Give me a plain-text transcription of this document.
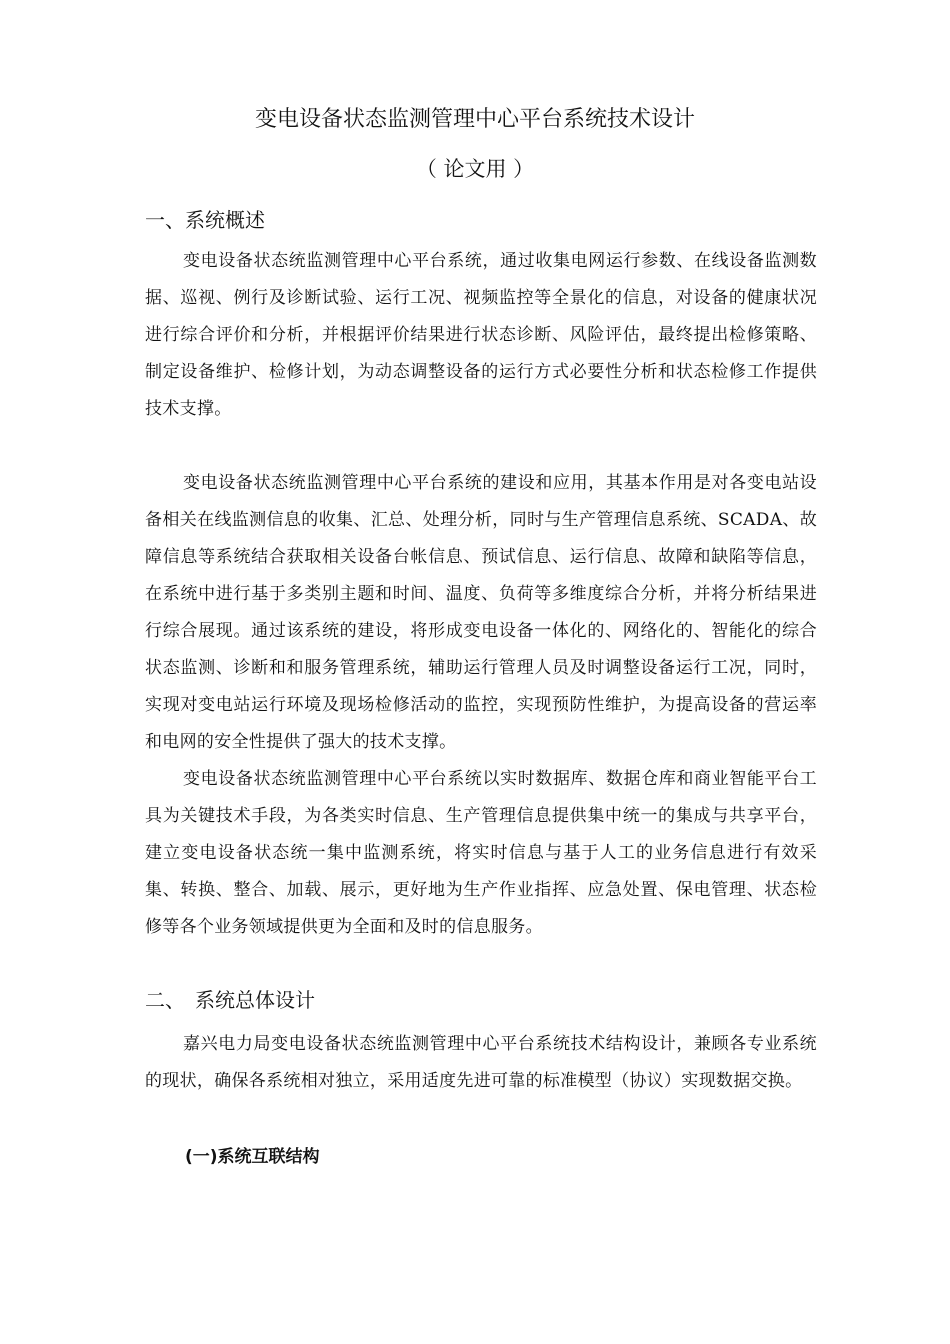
变电设备状态监测管理中心平台系统技术设计
（ 论文用 ）
一、系统概述
变电设备状态统监测管理中心平台系统，通过收集电网运行参数、在线设备监测数据、巡视、例行及诊断试验、运行工况、视频监控等全景化的信息，对设备的健康状况进行综合评价和分析，并根据评价结果进行状态诊断、风险评估，最终提出检修策略、制定设备维护、检修计划，为动态调整设备的运行方式必要性分析和状态检修工作提供技术支撑。
变电设备状态统监测管理中心平台系统的建设和应用，其基本作用是对各变电站设备相关在线监测信息的收集、汇总、处理分析，同时与生产管理信息系统、SCADA、故障信息等系统结合获取相关设备台帐信息、预试信息、运行信息、故障和缺陷等信息，在系统中进行基于多类别主题和时间、温度、负荷等多维度综合分析，并将分析结果进行综合展现。通过该系统的建设，将形成变电设备一体化的、网络化的、智能化的综合状态监测、诊断和和服务管理系统，辅助运行管理人员及时调整设备运行工况，同时，实现对变电站运行环境及现场检修活动的监控，实现预防性维护，为提高设备的营运率和电网的安全性提供了强大的技术支撑。
变电设备状态统监测管理中心平台系统以实时数据库、数据仓库和商业智能平台工具为关键技术手段，为各类实时信息、生产管理信息提供集中统一的集成与共享平台，建立变电设备状态统一集中监测系统，将实时信息与基于人工的业务信息进行有效采集、转换、整合、加载、展示，更好地为生产作业指挥、应急处置、保电管理、状态检修等各个业务领域提供更为全面和及时的信息服务。
二、　系统总体设计
嘉兴电力局变电设备状态统监测管理中心平台系统技术结构设计，兼顾各专业系统的现状，确保各系统相对独立，采用适度先进可靠的标准模型（协议）实现数据交换。
(一)系统互联结构
